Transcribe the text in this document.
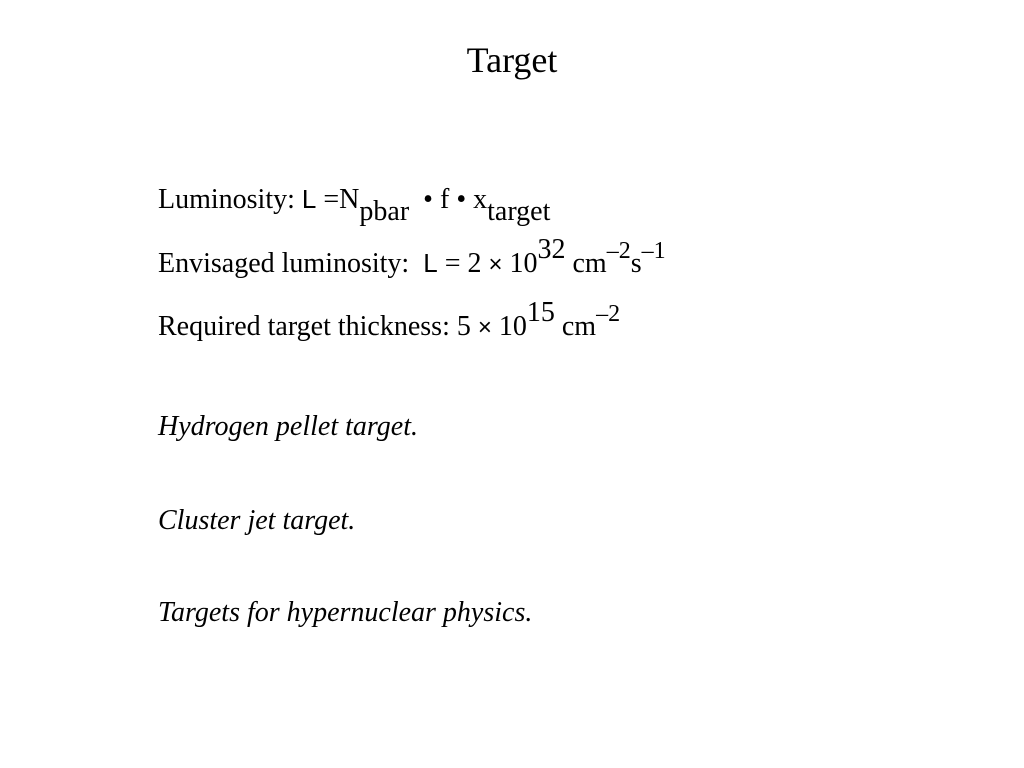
Target
Luminosity: L =Npbar • f • xtarget
Envisaged luminosity: L = 2 × 1032 cm–2s–1
Required target thickness: 5 × 1015 cm–2
Hydrogen pellet target.
Cluster jet target.
Targets for hypernuclear physics.
